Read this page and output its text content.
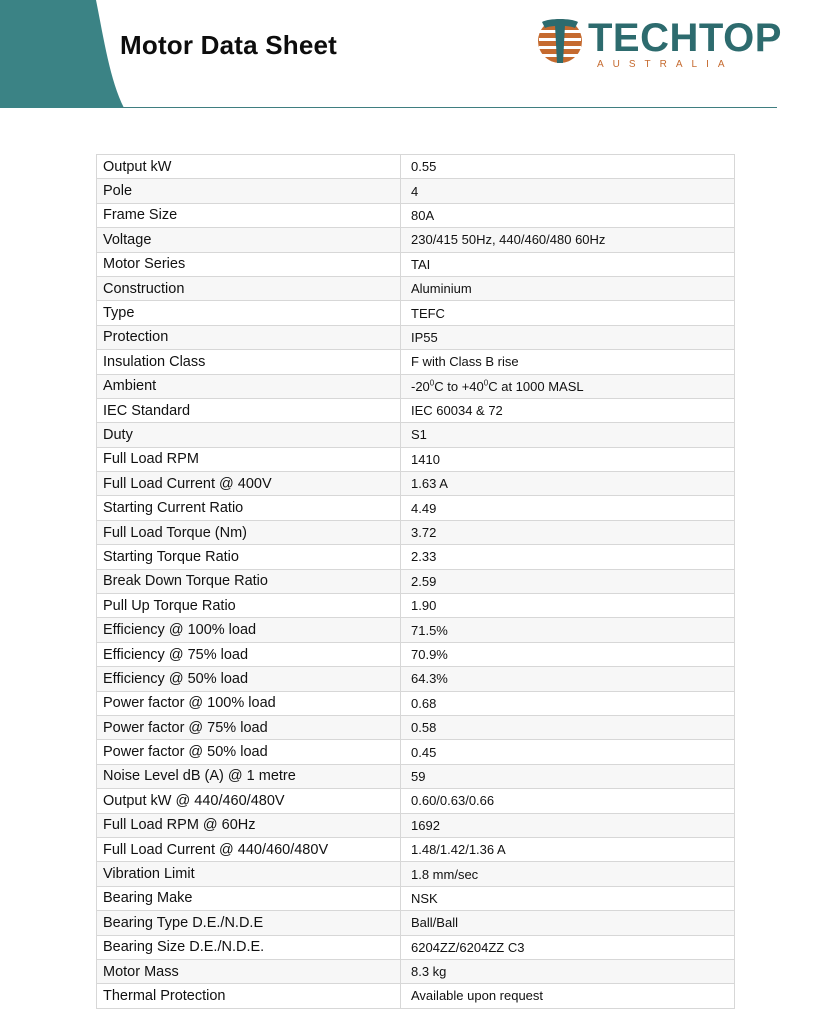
Motor Data Sheet	TECHTOP
AUSTRALIA
Output kW	0.55
Pole	4
Frame Size	80A
Voltage	230/415 50Hz, 440/460/480 60Hz
Motor Series	TAI
Construction	Aluminium
Type	TEFC
Protection	IP55
Insulation Class	F with Class B rise
Ambient	$-20^0C$ to $+40^0C$ at 1000 MASL
IEC Standard	IEC 60034 & 72
Duty	S1
Full Load RPM	1410
Full Load Current @ 400V	1.63 A
Starting Current Ratio	4.49
Full Load Torque (Nm)	3.72
Starting Torque Ratio	2.33
Break Down Torque Ratio	2.59
Pull Up Torque Ratio	1.90
Efficiency @ 100% load	71.5%
Efficiency @ 75% load	70.9%
Efficiency @ 50% load	64.3%
Power factor @ 100% load	0.68
Power factor @ 75% load	0.58
Power factor @ 50% load	0.45
Noise Level dB (A) @ 1 metre	59
Output kW @ 440/460/480V	0.60/0.63/0.66
Full Load RPM @ 60Hz	1692
Full Load Current @ 440/460/480V	1.48/1.42/1.36 A
Vibration Limit	1.8 mm/sec
Bearing Make	NSK
Bearing Type D.E./N.D.E	Ball/Ball
Bearing Size D.E./N.D.E.	6204ZZ/6204ZZ C3
Motor Mass	8.3 kg
Thermal Protection	Available upon request
